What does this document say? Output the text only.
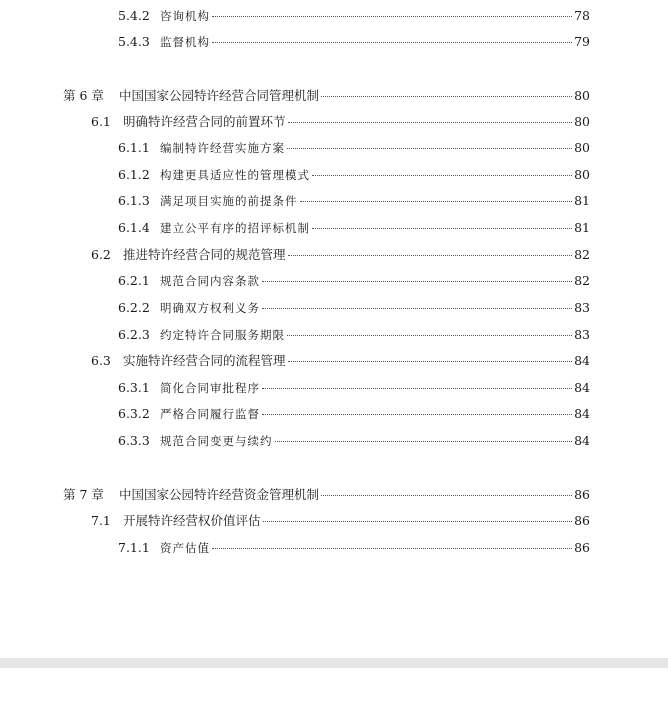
5.4.2 咨询机构	78
5.4.3 监督机构	79
第 6 章	中国国家公园特许经营合同管理机制	80
6.1 明确特许经营合同的前置环节	80
6.1.1 编制特许经营实施方案	80
6.1.2 构建更具适应性的管理模式	80
6.1.3 满足项目实施的前提条件	81
6.1.4 建立公平有序的招评标机制	81
6.2 推进特许经营合同的规范管理	82
6.2.1 规范合同内容条款	82
6.2.2 明确双方权利义务	83
6.2.3 约定特许合同服务期限	83
6.3 实施特许经营合同的流程管理	84
6.3.1 简化合同审批程序	84
6.3.2 严格合同履行监督	84
6.3.3 规范合同变更与续约	84
第 7 章	中国国家公园特许经营资金管理机制	86
7.1 开展特许经营权价值评估	86
7.1.1 资产估值	86
